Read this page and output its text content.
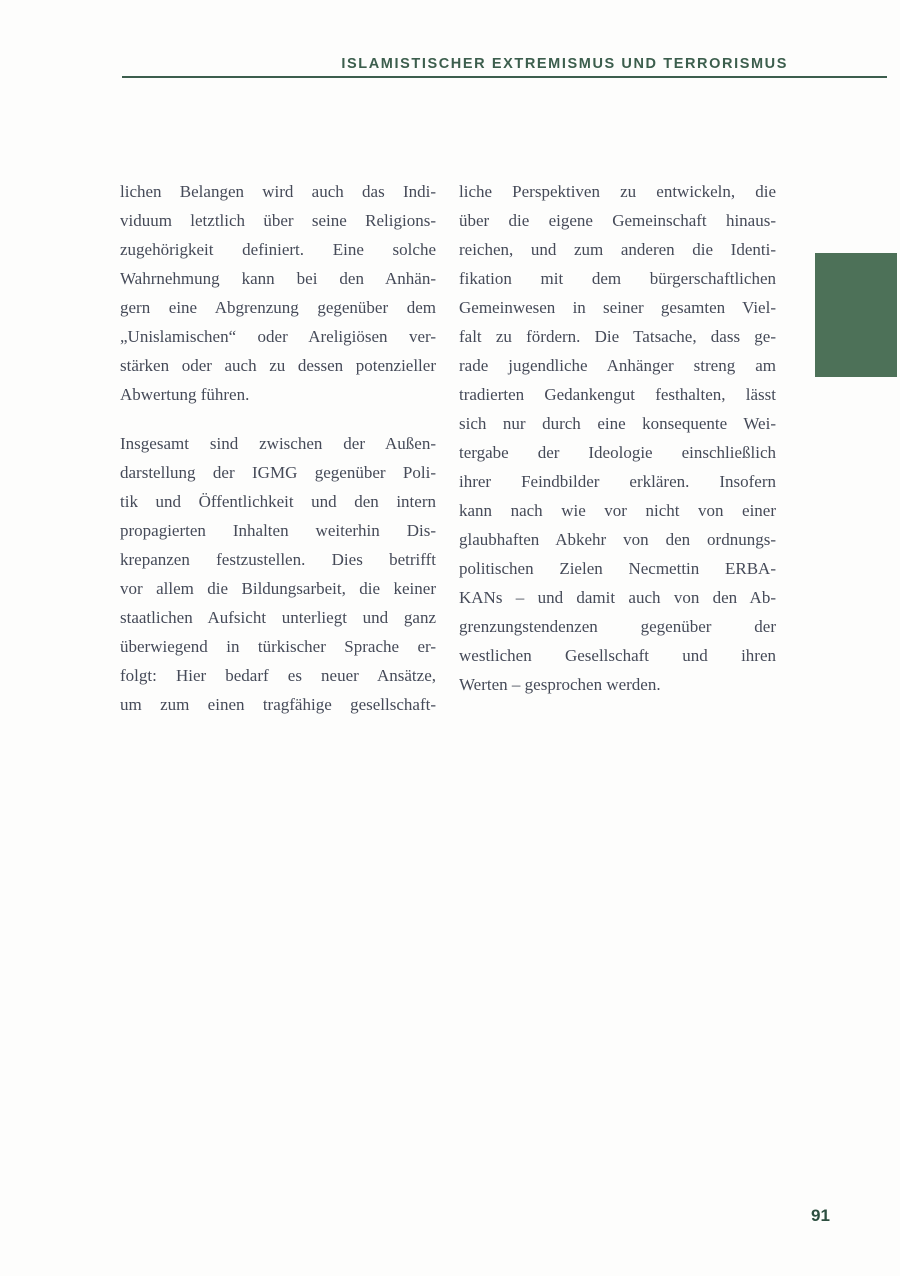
ISLAMISTISCHER EXTREMISMUS UND TERRORISMUS
lichen Belangen wird auch das Indi-
viduum letztlich über seine Religions-
zugehörigkeit definiert. Eine solche
Wahrnehmung kann bei den Anhän-
gern eine Abgrenzung gegenüber dem
„Unislamischen“ oder Areligiösen ver-
stärken oder auch zu dessen potenzieller
Abwertung führen.
Insgesamt sind zwischen der Außen-
darstellung der IGMG gegenüber Poli-
tik und Öffentlichkeit und den intern
propagierten Inhalten weiterhin Dis-
krepanzen festzustellen. Dies betrifft
vor allem die Bildungsarbeit, die keiner
staatlichen Aufsicht unterliegt und ganz
überwiegend in türkischer Sprache er-
folgt: Hier bedarf es neuer Ansätze,
um zum einen tragfähige gesellschaft-
liche Perspektiven zu entwickeln, die
über die eigene Gemeinschaft hinaus-
reichen, und zum anderen die Identi-
fikation mit dem bürgerschaftlichen
Gemeinwesen in seiner gesamten Viel-
falt zu fördern. Die Tatsache, dass ge-
rade jugendliche Anhänger streng am
tradierten Gedankengut festhalten, lässt
sich nur durch eine konsequente Wei-
tergabe der Ideologie einschließlich
ihrer Feindbilder erklären. Insofern
kann nach wie vor nicht von einer
glaubhaften Abkehr von den ordnungs-
politischen Zielen Necmettin ERBA-
KANs – und damit auch von den Ab-
grenzungstendenzen gegenüber der
westlichen Gesellschaft und ihren
Werten – gesprochen werden.
91
